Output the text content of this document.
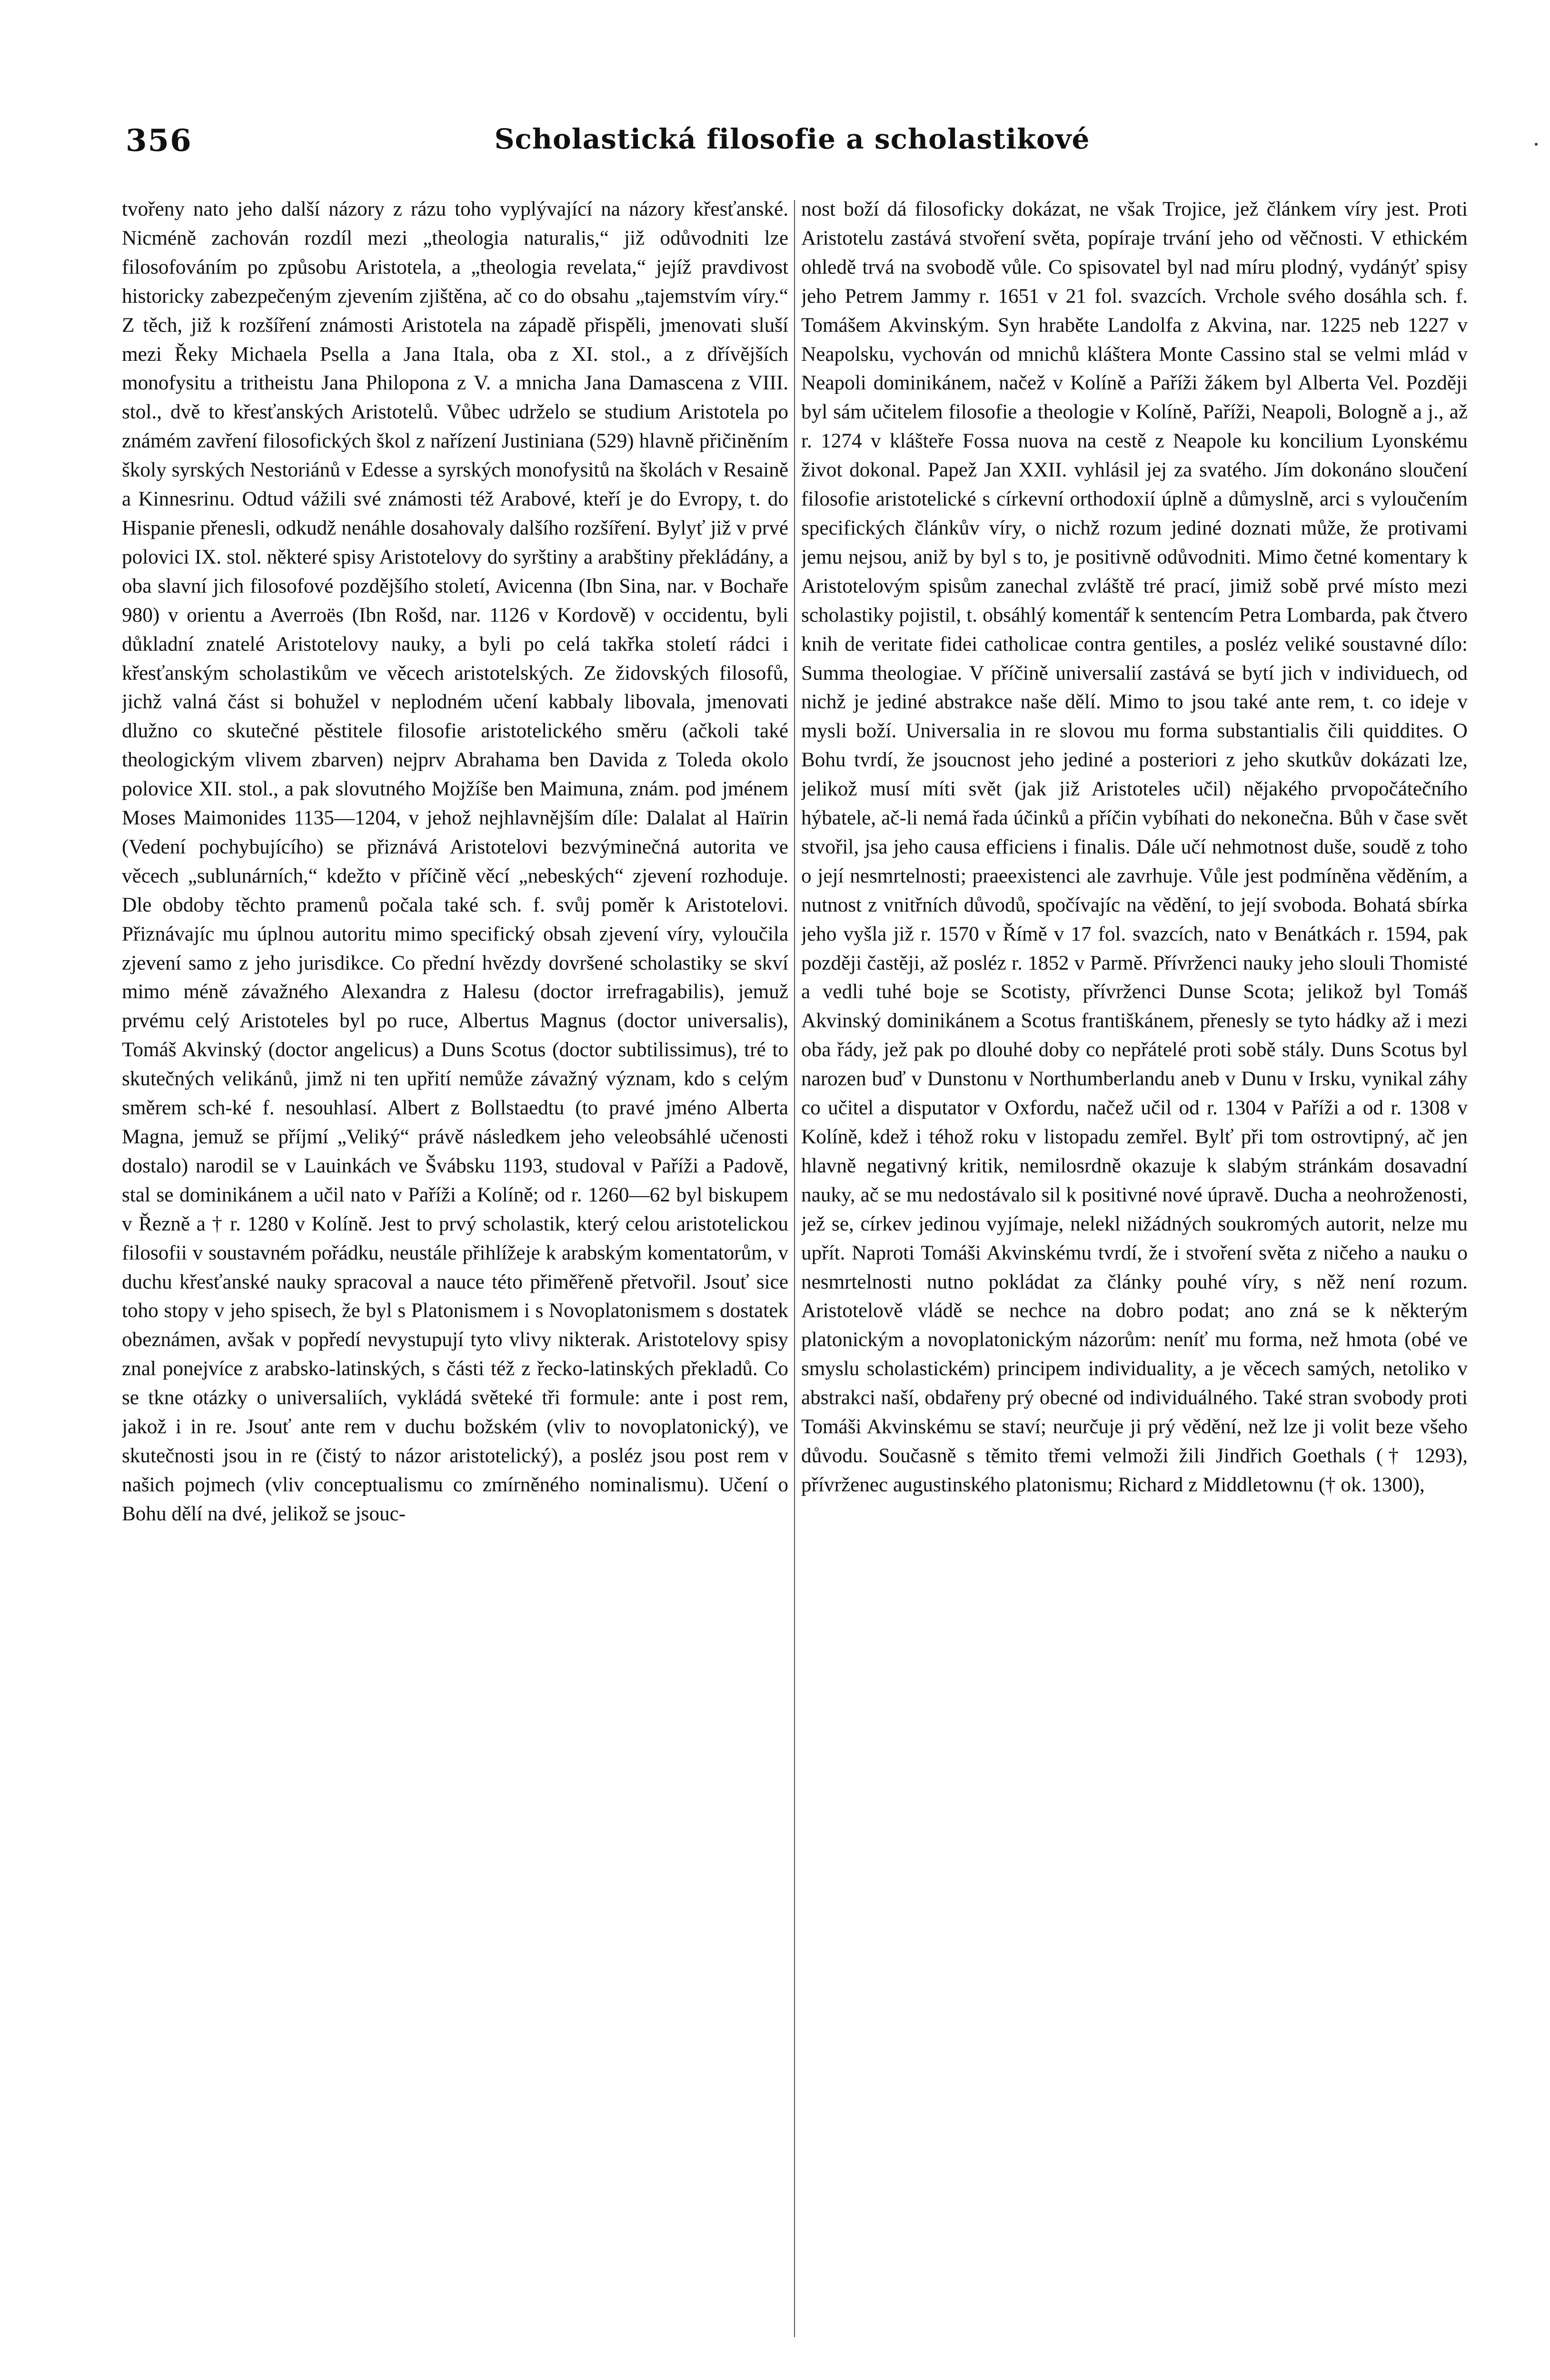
356	Scholastická filosofie a scholastikové

tvořeny nato jeho další názory z rázu toho vyplývající na názory křesťanské. Nicméně zachován rozdíl mezi „theologia naturalis,“ již odůvodniti lze filosofováním po způsobu Aristotela, a „theologia revelata,“ jejíž pravdivost historicky zabezpečeným zjevením zjištěna, ač co do obsahu „tajemstvím víry.“ Z těch, již k rozšíření známosti Aristotela na západě přispěli, jmenovati sluší mezi Řeky Michaela Psella a Jana Itala, oba z XI. stol., a z dřívějších monofysitu a tritheistu Jana Philopona z V. a mnicha Jana Damascena z VIII. stol., dvě to křesťanských Aristotelů. Vůbec udrželo se studium Aristotela po známém zavření filosofických škol z nařízení Justiniana (529) hlavně přičiněním školy syrských Nestoriánů v Edesse a syrských monofysitů na školách v Resaině a Kinnesrinu. Odtud vážili své známosti též Arabové, kteří je do Evropy, t. do Hispanie přenesli, odkudž nenáhle dosahovaly dalšího rozšíření. Bylyť již v prvé polovici IX. stol. některé spisy Aristotelovy do syrštiny a arabštiny překládány, a oba slavní jich filosofové pozdějšího století, Avicenna (Ibn Sina, nar. v Bochaře 980) v orientu a Averroës (Ibn Rošd, nar. 1126 v Kordově) v occidentu, byli důkladní znatelé Aristotelovy nauky, a byli po celá takřka století rádci i křesťanským scholastikům ve věcech aristotelských. Ze židovských filosofů, jichž valná část si bohužel v neplodném učení kabbaly libovala, jmenovati dlužno co skutečné pěstitele filosofie aristotelického směru (ačkoli také theologickým vlivem zbarven) nejprv Abrahama ben Davida z Toleda okolo polovice XII. stol., a pak slovutného Mojžíše ben Maimuna, znám. pod jménem Moses Maimonides 1135—1204, v jehož nejhlavnějším díle: Dalalat al Haïrin (Vedení pochybujícího) se přiznává Aristotelovi bezvýminečná autorita ve věcech „sublunárních,“ kdežto v příčině věcí „nebeských“ zjevení rozhoduje. Dle obdoby těchto pramenů počala také sch. f. svůj poměr k Aristotelovi. Přiznávajíc mu úplnou autoritu mimo specifický obsah zjevení víry, vyloučila zjevení samo z jeho jurisdikce. Co přední hvězdy dovršené scholastiky se skví mimo méně závažného Alexandra z Halesu (doctor irrefragabilis), jemuž prvému celý Aristoteles byl po ruce, Albertus Magnus (doctor universalis), Tomáš Akvinský (doctor angelicus) a Duns Scotus (doctor subtilissimus), tré to skutečných velikánů, jimž ni ten upřití nemůže závažný význam, kdo s celým směrem sch-ké f. nesouhlasí. Albert z Bollstaedtu (to pravé jméno Alberta Magna, jemuž se příjmí „Veliký“ právě následkem jeho veleobsáhlé učenosti dostalo) narodil se v Lauinkách ve Švábsku 1193, studoval v Paříži a Padově, stal se dominikánem a učil nato v Paříži a Kolíně; od r. 1260—62 byl biskupem v Řezně a † r. 1280 v Kolíně. Jest to prvý scholastik, který celou aristotelickou filosofii v soustavném pořádku, neustále přihlížeje k arabským komentatorům, v duchu křesťanské nauky spracoval a nauce této přiměřeně přetvořil. Jsouť sice toho stopy v jeho spisech, že byl s Platonismem i s Novoplatonismem s dostatek obeznámen, avšak v popředí nevystupují tyto vlivy nikterak. Aristotelovy spisy znal ponejvíce z arabsko-latinských, s části též z řecko-latinských překladů. Co se tkne otázky o universaliích, vykládá světeké tři formule: ante i post rem, jakož i in re. Jsouť ante rem v duchu božském (vliv to novoplatonický), ve skutečnosti jsou in re (čistý to názor aristotelický), a posléz jsou post rem v našich pojmech (vliv conceptualismu co zmírněného nominalismu). Učení o Bohu dělí na dvé, jelikož se jsouc-

nost boží dá filosoficky dokázat, ne však Trojice, jež článkem víry jest. Proti Aristotelu zastává stvoření světa, popíraje trvání jeho od věčnosti. V ethickém ohledě trvá na svobodě vůle. Co spisovatel byl nad míru plodný, vydánýť spisy jeho Petrem Jammy r. 1651 v 21 fol. svazcích. Vrchole svého dosáhla sch. f. Tomášem Akvinským. Syn hraběte Landolfa z Akvina, nar. 1225 neb 1227 v Neapolsku, vychován od mnichů kláštera Monte Cassino stal se velmi mlád v Neapoli dominikánem, načež v Kolíně a Paříži žákem byl Alberta Vel. Později byl sám učitelem filosofie a theologie v Kolíně, Paříži, Neapoli, Bologně a j., až r. 1274 v klášteře Fossa nuova na cestě z Neapole ku koncilium Lyonskému život dokonal. Papež Jan XXII. vyhlásil jej za svatého. Jím dokonáno sloučení filosofie aristotelické s církevní orthodoxií úplně a důmyslně, arci s vyloučením specifických článkův víry, o nichž rozum jediné doznati může, že protivami jemu nejsou, aniž by byl s to, je positivně odůvodniti. Mimo četné komentary k Aristotelovým spisům zanechal zvláště tré prací, jimiž sobě prvé místo mezi scholastiky pojistil, t. obsáhlý komentář k sentencím Petra Lombarda, pak čtvero knih de veritate fidei catholicae contra gentiles, a posléz veliké soustavné dílo: Summa theologiae. V příčině universalií zastává se bytí jich v individuech, od nichž je jediné abstrakce naše dělí. Mimo to jsou také ante rem, t. co ideje v mysli boží. Universalia in re slovou mu forma substantialis čili quiddites. O Bohu tvrdí, že jsoucnost jeho jediné a posteriori z jeho skutkův dokázati lze, jelikož musí míti svět (jak již Aristoteles učil) nějakého prvopočátečního hýbatele, ač-li nemá řada účinků a příčin vybíhati do nekonečna. Bůh v čase svět stvořil, jsa jeho causa efficiens i finalis. Dále učí nehmotnost duše, soudě z toho o její nesmrtelnosti; praeexistenci ale zavrhuje. Vůle jest podmíněna věděním, a nutnost z vnitřních důvodů, spočívajíc na vědění, to její svoboda. Bohatá sbírka jeho vyšla již r. 1570 v Římě v 17 fol. svazcích, nato v Benátkách r. 1594, pak později častěji, až posléz r. 1852 v Parmě. Přívrženci nauky jeho slouli Thomisté a vedli tuhé boje se Scotisty, přívrženci Dunse Scota; jelikož byl Tomáš Akvinský dominikánem a Scotus františkánem, přenesly se tyto hádky až i mezi oba řády, jež pak po dlouhé doby co nepřátelé proti sobě stály. Duns Scotus byl narozen buď v Dunstonu v Northumberlandu aneb v Dunu v Irsku, vynikal záhy co učitel a disputator v Oxfordu, načež učil od r. 1304 v Paříži a od r. 1308 v Kolíně, kdež i téhož roku v listopadu zemřel. Bylť při tom ostrovtipný, ač jen hlavně negativný kritik, nemilosrdně okazuje k slabým stránkám dosavadní nauky, ač se mu nedostávalo sil k positivné nové úpravě. Ducha a neohroženosti, jež se, církev jedinou vyjímaje, nelekl nižádných soukromých autorit, nelze mu upřít. Naproti Tomáši Akvinskému tvrdí, že i stvoření světa z ničeho a nauku o nesmrtelnosti nutno pokládat za články pouhé víry, s něž není rozum. Aristotelově vládě se nechce na dobro podat; ano zná se k některým platonickým a novoplatonickým názorům: neníť mu forma, než hmota (obé ve smyslu scholastickém) principem individuality, a je věcech samých, netoliko v abstrakci naší, obdařeny prý obecné od individuálného. Také stran svobody proti Tomáši Akvinskému se staví; neurčuje ji prý vědění, než lze ji volit beze všeho důvodu. Současně s těmito třemi velmoži žili Jindřich Goethals († 1293), přívrženec augustinského platonismu; Richard z Middletownu († ok. 1300),
